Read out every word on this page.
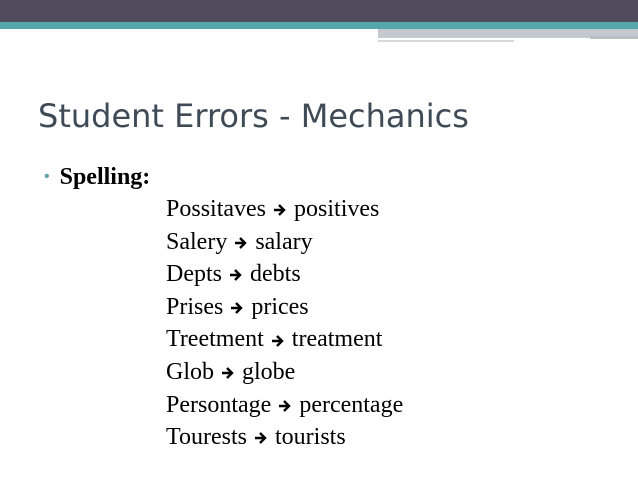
Student Errors - Mechanics
• Spelling:
Possitaves positives
Salery salary
Depts debts
Prises prices
Treetment treatment
Glob globe
Persontage percentage
Tourests tourists
